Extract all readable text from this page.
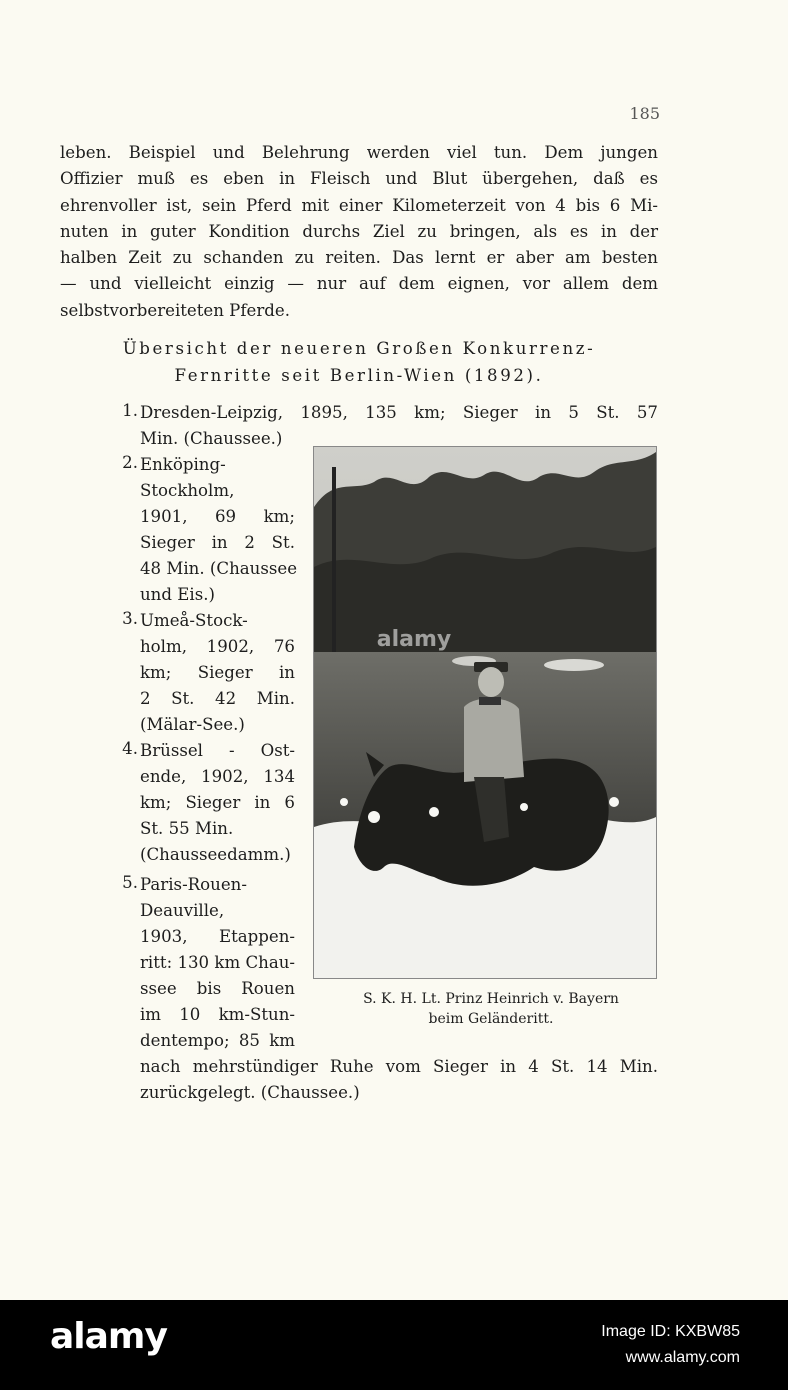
185
leben. Beispiel und Belehrung werden viel tun. Dem jungen
Offizier muß es eben in Fleisch und Blut übergehen, daß es
ehrenvoller ist, sein Pferd mit einer Kilometerzeit von 4 bis 6 Mi-
nuten in guter Kondition durchs Ziel zu bringen, als es in der
halben Zeit zu schanden zu reiten. Das lernt er aber am besten
— und vielleicht einzig — nur auf dem eignen, vor allem dem
selbstvorbereiteten Pferde.
Übersicht der neueren Großen Konkurrenz-
Fernritte seit Berlin-Wien (1892).
1. Dresden-Leipzig, 1895, 135 km; Sieger in 5 St. 57
Min. (Chaussee.)
2. Enköping-
Stockholm,
1901, 69 km;
Sieger in 2 St.
48 Min. (Chaussee
und Eis.)
3. Umeå-Stock-
holm, 1902, 76
km; Sieger in
2 St. 42 Min.
(Mälar-See.)
4. Brüssel - Ost-
ende, 1902, 134
km; Sieger in 6
St. 55 Min.
(Chausseedamm.)
5. Paris-Rouen-
Deauville,
1903, Etappen-
ritt: 130 km Chau-
ssee bis Rouen
im 10 km-Stun-
dentempo; 85 km
nach mehrstündiger Ruhe vom Sieger in 4 St. 14 Min.
zurückgelegt. (Chaussee.)
alamy
S. K. H. Lt. Prinz Heinrich v. Bayern
beim Geländeritt.
alamy	Image ID: KXBW85
www.alamy.com
